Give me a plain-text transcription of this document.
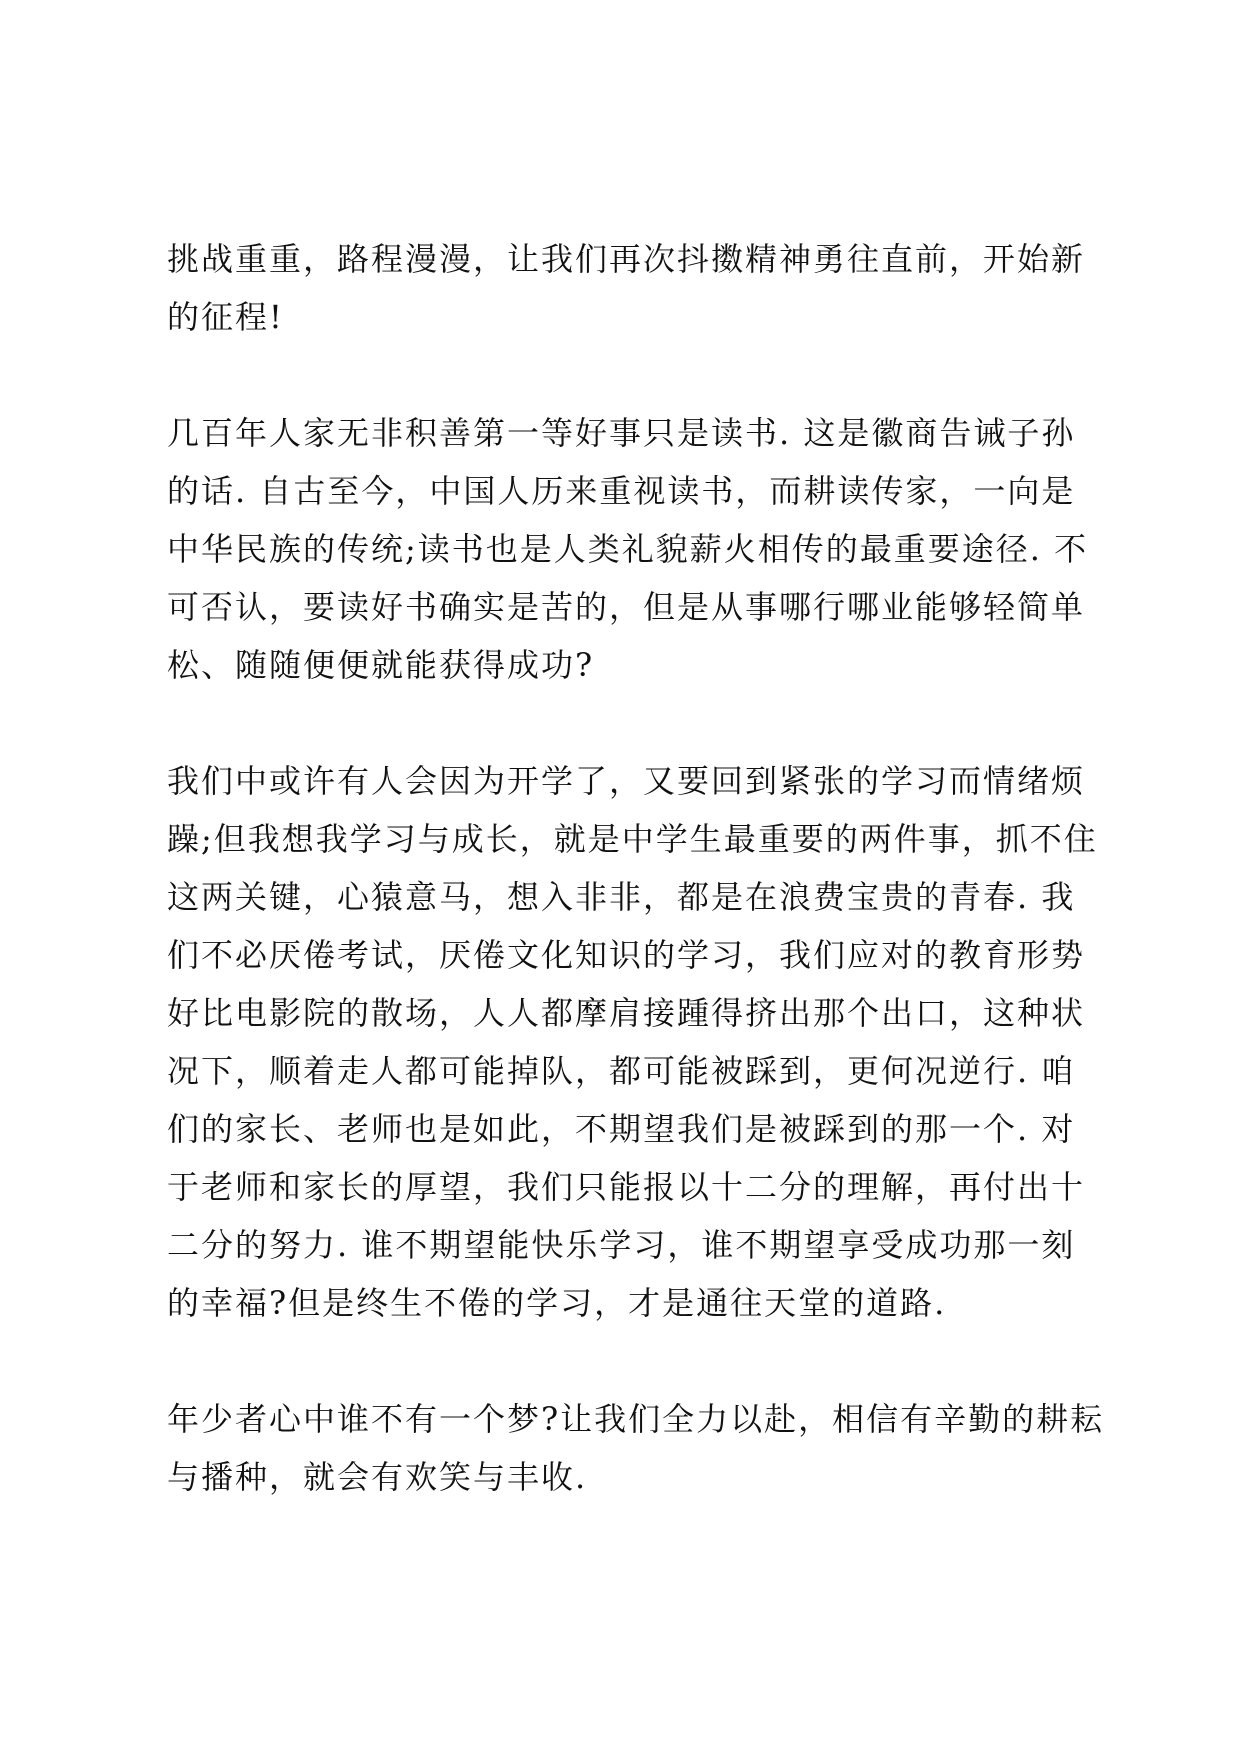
挑战重重，路程漫漫，让我们再次抖擞精神勇往直前，开始新
的征程!

几百年人家无非积善第一等好事只是读书. 这是徽商告诫子孙
的话. 自古至今，中国人历来重视读书，而耕读传家，一向是
中华民族的传统;读书也是人类礼貌薪火相传的最重要途径. 不
可否认，要读好书确实是苦的，但是从事哪行哪业能够轻简单
松、随随便便就能获得成功?

我们中或许有人会因为开学了，又要回到紧张的学习而情绪烦
躁;但我想我学习与成长，就是中学生最重要的两件事，抓不住
这两关键，心猿意马，想入非非，都是在浪费宝贵的青春. 我
们不必厌倦考试，厌倦文化知识的学习，我们应对的教育形势
好比电影院的散场，人人都摩肩接踵得挤出那个出口，这种状
况下，顺着走人都可能掉队，都可能被踩到，更何况逆行. 咱
们的家长、老师也是如此，不期望我们是被踩到的那一个. 对
于老师和家长的厚望，我们只能报以十二分的理解，再付出十
二分的努力. 谁不期望能快乐学习，谁不期望享受成功那一刻
的幸福?但是终生不倦的学习，才是通往天堂的道路.

年少者心中谁不有一个梦?让我们全力以赴，相信有辛勤的耕耘
与播种，就会有欢笑与丰收.
